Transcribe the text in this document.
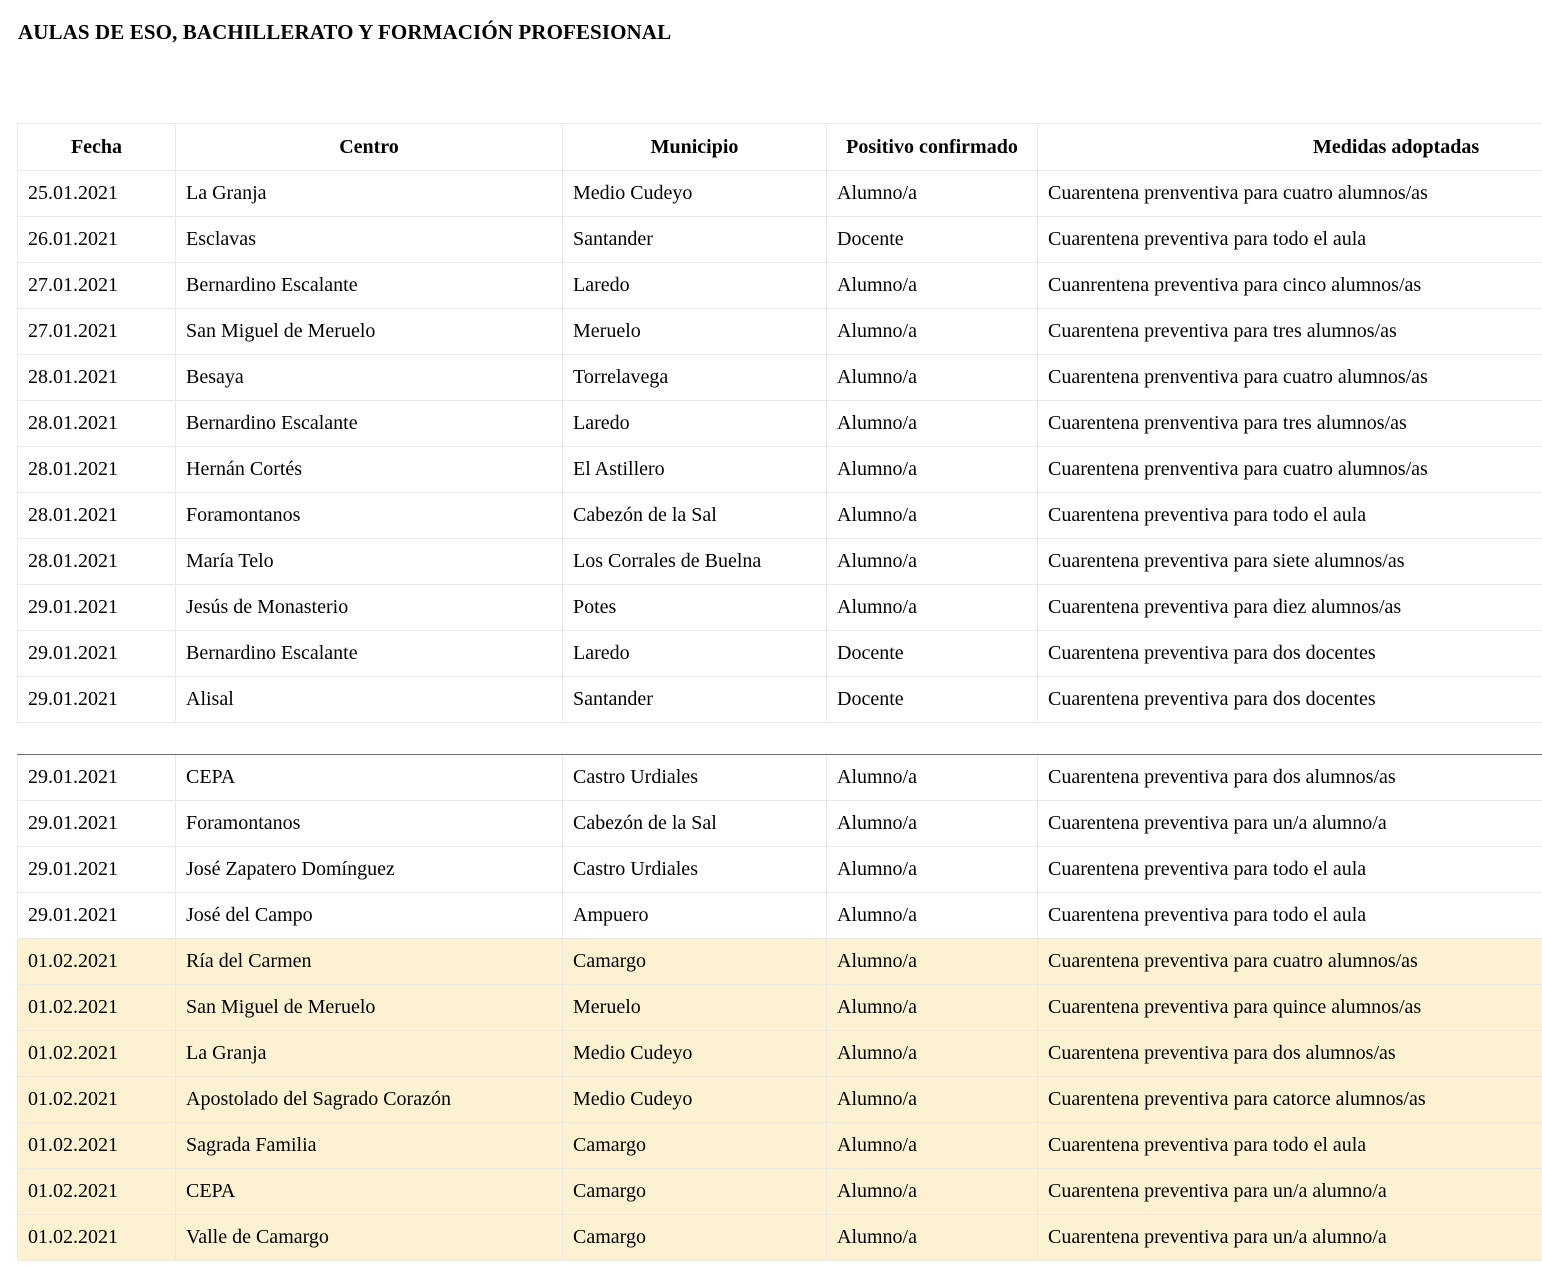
AULAS DE ESO, BACHILLERATO Y FORMACIÓN PROFESIONAL
Fecha	Centro	Municipio	Positivo confirmado	Medidas adoptadas
25.01.2021	La Granja	Medio Cudeyo	Alumno/a	Cuarentena prenventiva para cuatro alumnos/as
26.01.2021	Esclavas	Santander	Docente	Cuarentena preventiva para todo el aula
27.01.2021	Bernardino Escalante	Laredo	Alumno/a	Cuanrentena preventiva para cinco alumnos/as
27.01.2021	San Miguel de Meruelo	Meruelo	Alumno/a	Cuarentena preventiva para tres alumnos/as
28.01.2021	Besaya	Torrelavega	Alumno/a	Cuarentena prenventiva para cuatro alumnos/as
28.01.2021	Bernardino Escalante	Laredo	Alumno/a	Cuarentena prenventiva para tres alumnos/as
28.01.2021	Hernán Cortés	El Astillero	Alumno/a	Cuarentena prenventiva para cuatro alumnos/as
28.01.2021	Foramontanos	Cabezón de la Sal	Alumno/a	Cuarentena preventiva para todo el aula
28.01.2021	María Telo	Los Corrales de Buelna	Alumno/a	Cuarentena preventiva para siete alumnos/as
29.01.2021	Jesús de Monasterio	Potes	Alumno/a	Cuarentena preventiva para diez alumnos/as
29.01.2021	Bernardino Escalante	Laredo	Docente	Cuarentena preventiva para dos docentes
29.01.2021	Alisal	Santander	Docente	Cuarentena preventiva para dos docentes
29.01.2021	CEPA	Castro Urdiales	Alumno/a	Cuarentena preventiva para dos alumnos/as
29.01.2021	Foramontanos	Cabezón de la Sal	Alumno/a	Cuarentena preventiva para un/a alumno/a
29.01.2021	José Zapatero Domínguez	Castro Urdiales	Alumno/a	Cuarentena preventiva para todo el aula
29.01.2021	José del Campo	Ampuero	Alumno/a	Cuarentena preventiva para todo el aula
01.02.2021	Ría del Carmen	Camargo	Alumno/a	Cuarentena preventiva para cuatro alumnos/as
01.02.2021	San Miguel de Meruelo	Meruelo	Alumno/a	Cuarentena preventiva para quince alumnos/as
01.02.2021	La Granja	Medio Cudeyo	Alumno/a	Cuarentena preventiva para dos alumnos/as
01.02.2021	Apostolado del Sagrado Corazón	Medio Cudeyo	Alumno/a	Cuarentena preventiva para catorce alumnos/as
01.02.2021	Sagrada Familia	Camargo	Alumno/a	Cuarentena preventiva para todo el aula
01.02.2021	CEPA	Camargo	Alumno/a	Cuarentena preventiva para un/a alumno/a
01.02.2021	Valle de Camargo	Camargo	Alumno/a	Cuarentena preventiva para un/a alumno/a
